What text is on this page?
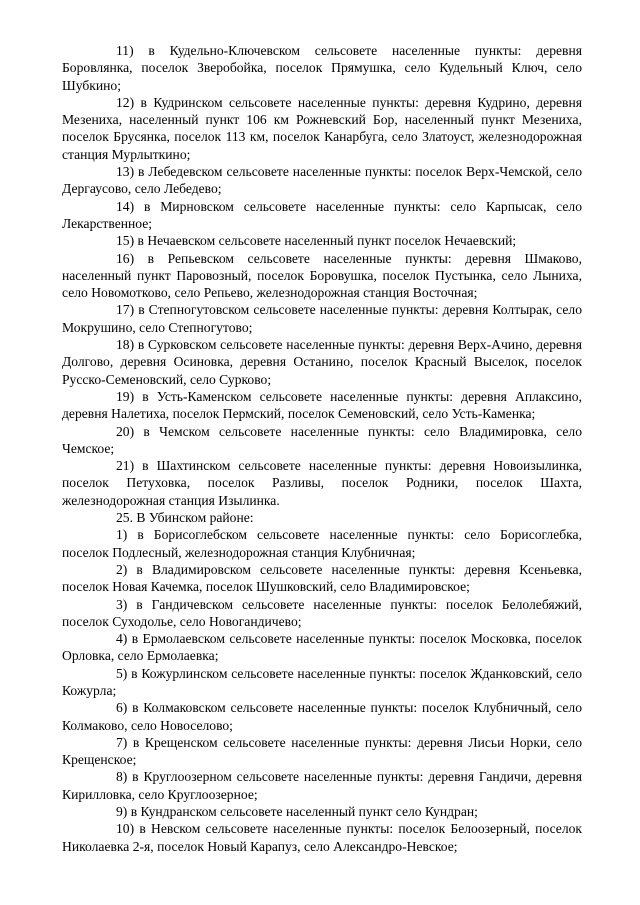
11) в Кудельно-Ключевском сельсовете населенные пункты: деревня Боровлянка, поселок Зверобойка, поселок Прямушка, село Кудельный Ключ, село Шубкино;

12) в Кудринском сельсовете населенные пункты: деревня Кудрино, деревня Мезениха, населенный пункт 106 км Рожневский Бор, населенный пункт Мезениха, поселок Брусянка, поселок 113 км, поселок Канарбуга, село Златоуст, железнодорожная станция Мурлыткино;

13) в Лебедевском сельсовете населенные пункты: поселок Верх-Чемской, село Дергаусово, село Лебедево;

14) в Мирновском сельсовете населенные пункты: село Карпысак, село Лекарственное;

15) в Нечаевском сельсовете населенный пункт поселок Нечаевский;

16) в Репьевском сельсовете населенные пункты: деревня Шмаково, населенный пункт Паровозный, поселок Боровушка, поселок Пустынка, село Лыниха, село Новомотково, село Репьево, железнодорожная станция Восточная;

17) в Степногутовском сельсовете населенные пункты: деревня Колтырак, село Мокрушино, село Степногутово;

18) в Сурковском сельсовете населенные пункты: деревня Верх-Ачино, деревня Долгово, деревня Осиновка, деревня Останино, поселок Красный Выселок, поселок Русско-Семеновский, село Сурково;

19) в Усть-Каменском сельсовете населенные пункты: деревня Аплаксино, деревня Налетиха, поселок Пермский, поселок Семеновский, село Усть-Каменка;

20) в Чемском сельсовете населенные пункты: село Владимировка, село Чемское;

21) в Шахтинском сельсовете населенные пункты: деревня Новоизылинка, поселок Петуховка, поселок Разливы, поселок Родники, поселок Шахта, железнодорожная станция Изылинка.

25. В Убинском районе:

1) в Борисоглебском сельсовете населенные пункты: село Борисоглебка, поселок Подлесный, железнодорожная станция Клубничная;

2) в Владимировском сельсовете населенные пункты: деревня Ксеньевка, поселок Новая Качемка, поселок Шушковский, село Владимировское;

3) в Гандичевском сельсовете населенные пункты: поселок Белолебяжий, поселок Суходолье, село Новогандичево;

4) в Ермолаевском сельсовете населенные пункты: поселок Московка, поселок Орловка, село Ермолаевка;

5) в Кожурлинском сельсовете населенные пункты: поселок Жданковский, село Кожурла;

6) в Колмаковском сельсовете населенные пункты: поселок Клубничный, село Колмаково, село Новоселово;

7) в Крещенском сельсовете населенные пункты: деревня Лисьи Норки, село Крещенское;

8) в Круглоозерном сельсовете населенные пункты: деревня Гандичи, деревня Кирилловка, село Круглоозерное;

9) в Кундранском сельсовете населенный пункт село Кундран;

10) в Невском сельсовете населенные пункты: поселок Белоозерный, поселок Николаевка 2-я, поселок Новый Карапуз, село Александро-Невское;
